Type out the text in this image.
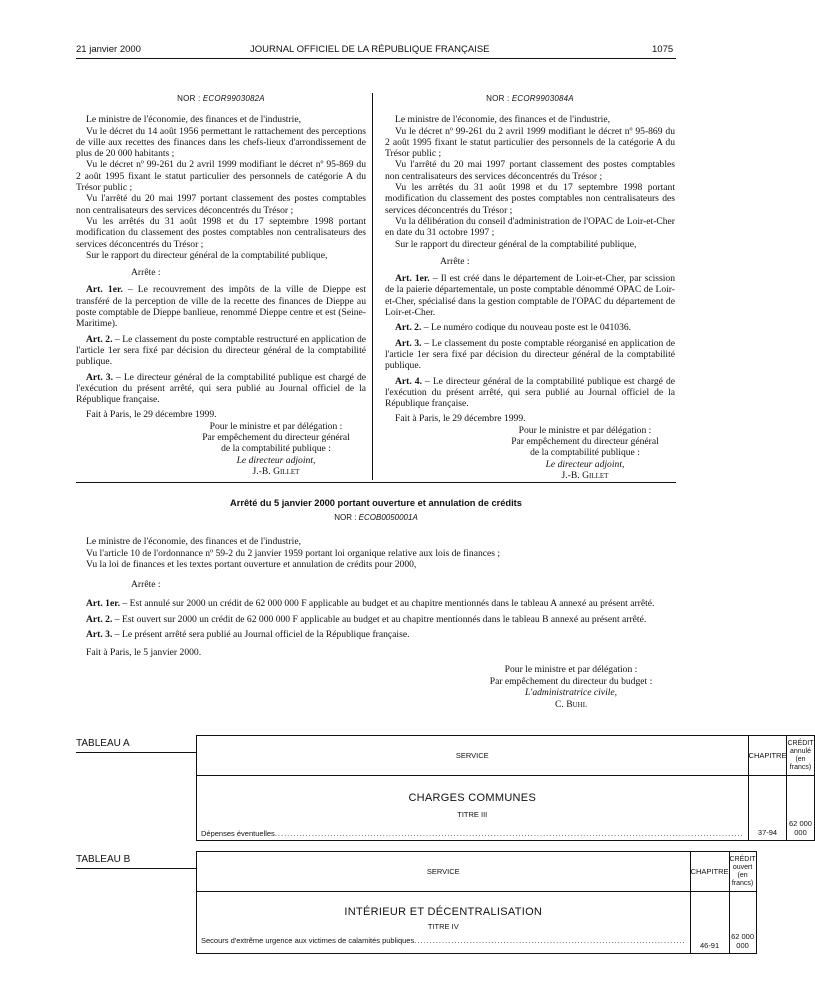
21 janvier 2000	JOURNAL OFFICIEL DE LA RÉPUBLIQUE FRANÇAISE	1075
NOR : ECOR9903082A

Le ministre de l'économie, des finances et de l'industrie,

Vu le décret du 14 août 1956 permettant le rattachement des perceptions de ville aux recettes des finances dans les chefs-lieux d'arrondissement de plus de 20 000 habitants ;

Vu le décret nº 99-261 du 2 avril 1999 modifiant le décret nº 95-869 du 2 août 1995 fixant le statut particulier des personnels de catégorie A du Trésor public ;

Vu l'arrêté du 20 mai 1997 portant classement des postes comptables non centralisateurs des services déconcentrés du Trésor ;

Vu les arrêtés du 31 août 1998 et du 17 septembre 1998 portant modification du classement des postes comptables non centralisateurs des services déconcentrés du Trésor ;

Sur le rapport du directeur général de la comptabilité publique,

Arrête :

Art. 1er. – Le recouvrement des impôts de la ville de Dieppe est transféré de la perception de ville de la recette des finances de Dieppe au poste comptable de Dieppe banlieue, renommé Dieppe centre et est (Seine-Maritime).

Art. 2. – Le classement du poste comptable restructuré en application de l'article 1er sera fixé par décision du directeur général de la comptabilité publique.

Art. 3. – Le directeur général de la comptabilité publique est chargé de l'exécution du présent arrêté, qui sera publié au Journal officiel de la République française.

Fait à Paris, le 29 décembre 1999.

Pour le ministre et par délégation :

Par empêchement du directeur général

de la comptabilité publique :

Le directeur adjoint,

J.-B. Gillet

NOR : ECOR9903084A

Le ministre de l'économie, des finances et de l'industrie,

Vu le décret nº 99-261 du 2 avril 1999 modifiant le décret nº 95-869 du 2 août 1995 fixant le statut particulier des personnels de la catégorie A du Trésor public ;

Vu l'arrêté du 20 mai 1997 portant classement des postes comptables non centralisateurs des services déconcentrés du Trésor ;

Vu les arrêtés du 31 août 1998 et du 17 septembre 1998 portant modification du classement des postes comptables non centralisateurs des services déconcentrés du Trésor ;

Vu la délibération du conseil d'administration de l'OPAC de Loir-et-Cher en date du 31 octobre 1997 ;

Sur le rapport du directeur général de la comptabilité publique,

Arrête :

Art. 1er. – Il est créé dans le département de Loir-et-Cher, par scission de la paierie départementale, un poste comptable dénommé OPAC de Loir-et-Cher, spécialisé dans la gestion comptable de l'OPAC du département de Loir-et-Cher.

Art. 2. – Le numéro codique du nouveau poste est le 041036.

Art. 3. – Le classement du poste comptable réorganisé en application de l'article 1er sera fixé par décision du directeur général de la comptabilité publique.

Art. 4. – Le directeur général de la comptabilité publique est chargé de l'exécution du présent arrêté, qui sera publié au Journal officiel de la République française.

Fait à Paris, le 29 décembre 1999.

Pour le ministre et par délégation :

Par empêchement du directeur général

de la comptabilité publique :

Le directeur adjoint,

J.-B. Gillet

Arrêté du 5 janvier 2000 portant ouverture et annulation de crédits
NOR : ECOB0050001A

Le ministre de l'économie, des finances et de l'industrie,

Vu l'article 10 de l'ordonnance nº 59-2 du 2 janvier 1959 portant loi organique relative aux lois de finances ;

Vu la loi de finances et les textes portant ouverture et annulation de crédits pour 2000,

Arrête :

Art. 1er. – Est annulé sur 2000 un crédit de 62 000 000 F applicable au budget et au chapitre mentionnés dans le tableau A annexé au présent arrêté.

Art. 2. – Est ouvert sur 2000 un crédit de 62 000 000 F applicable au budget et au chapitre mentionnés dans le tableau B annexé au présent arrêté.

Art. 3. – Le présent arrêté sera publié au Journal officiel de la République française.

Fait à Paris, le 5 janvier 2000.

Pour le ministre et par délégation :
Par empêchement du directeur du budget :
L'administratrice civile,
C. Buhl
TABLEAU A
SERVICE	CHAPITRE	CRÉDIT
annulé
(en francs)

CHARGES COMMUNES
TITRE III
Dépenses éventuelles........................................................................................................................................................	37-94	62 000 000
TABLEAU B
SERVICE	CHAPITRE	CRÉDIT
ouvert
(en francs)

INTÉRIEUR ET DÉCENTRALISATION
TITRE IV
Secours d'extrême urgence aux victimes de calamités publiques........................................................................................	46-91	62 000 000
